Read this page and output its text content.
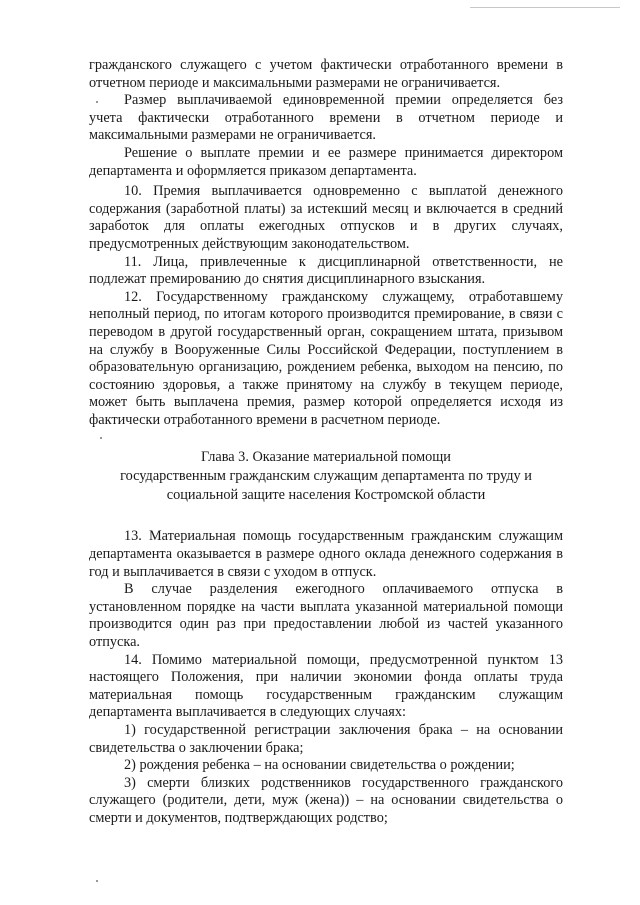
гражданского служащего с учетом фактически отработанного времени в отчетном периоде и максимальными размерами не ограничивается.

Размер выплачиваемой единовременной премии определяется без учета фактически отработанного времени в отчетном периоде и максимальными размерами не ограничивается.

Решение о выплате премии и ее размере принимается директором департамента и оформляется приказом департамента.

10. Премия выплачивается одновременно с выплатой денежного содержания (заработной платы) за истекший месяц и включается в средний заработок для оплаты ежегодных отпусков и в других случаях, предусмотренных действующим законодательством.

11. Лица, привлеченные к дисциплинарной ответственности, не подлежат премированию до снятия дисциплинарного взыскания.

12. Государственному гражданскому служащему, отработавшему неполный период, по итогам которого производится премирование, в связи с переводом в другой государственный орган, сокращением штата, призывом на службу в Вооруженные Силы Российской Федерации, поступлением в образовательную организацию, рождением ребенка, выходом на пенсию, по состоянию здоровья, а также принятому на службу в текущем периоде, может быть выплачена премия, размер которой определяется исходя из фактически отработанного времени в расчетном периоде.

Глава 3. Оказание материальной помощи
государственным гражданским служащим департамента по труду и
социальной защите населения Костромской области

13. Материальная помощь государственным гражданским служащим департамента оказывается в размере одного оклада денежного содержания в год и выплачивается в связи с уходом в отпуск.

В случае разделения ежегодного оплачиваемого отпуска в установленном порядке на части выплата указанной материальной помощи производится один раз при предоставлении любой из частей указанного отпуска.

14. Помимо материальной помощи, предусмотренной пунктом 13 настоящего Положения, при наличии экономии фонда оплаты труда материальная помощь государственным гражданским служащим департамента выплачивается в следующих случаях:

1) государственной регистрации заключения брака – на основании свидетельства о заключении брака;

2) рождения ребенка – на основании свидетельства о рождении;

3) смерти близких родственников государственного гражданского служащего (родители, дети, муж (жена)) – на основании свидетельства о смерти и документов, подтверждающих родство;
